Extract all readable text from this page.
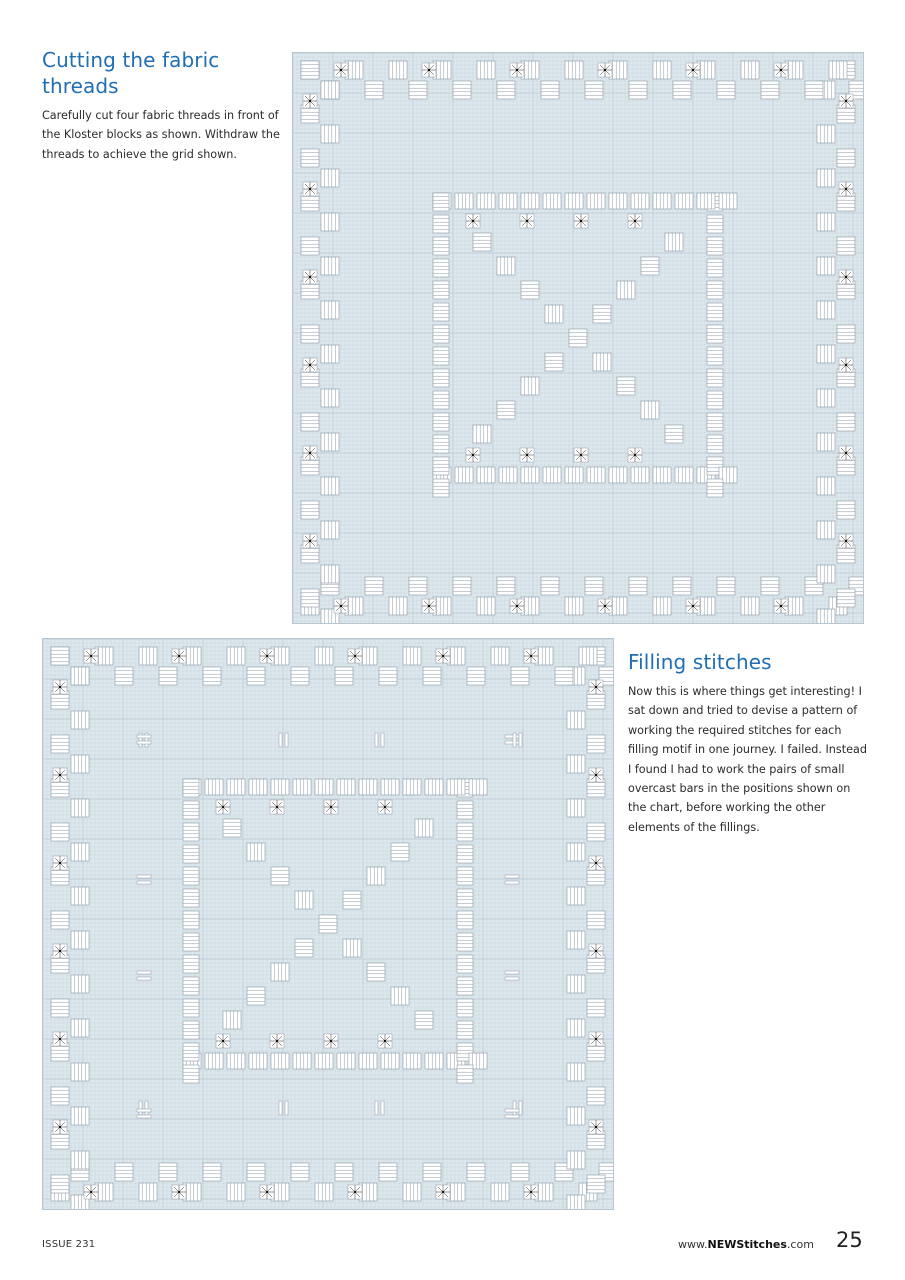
Cutting the fabric threads

Carefully cut four fabric threads in front of the Kloster blocks as shown. Withdraw the threads to achieve the grid shown.

Filling stitches

Now this is where things get interesting! I sat down and tried to devise a pattern of working the required stitches for each filling motif in one journey. I failed. Instead I found I had to work the pairs of small overcast bars in the positions shown on the chart, before working the other elements of the fillings.

ISSUE 231	www.NEWStitches.com 25
